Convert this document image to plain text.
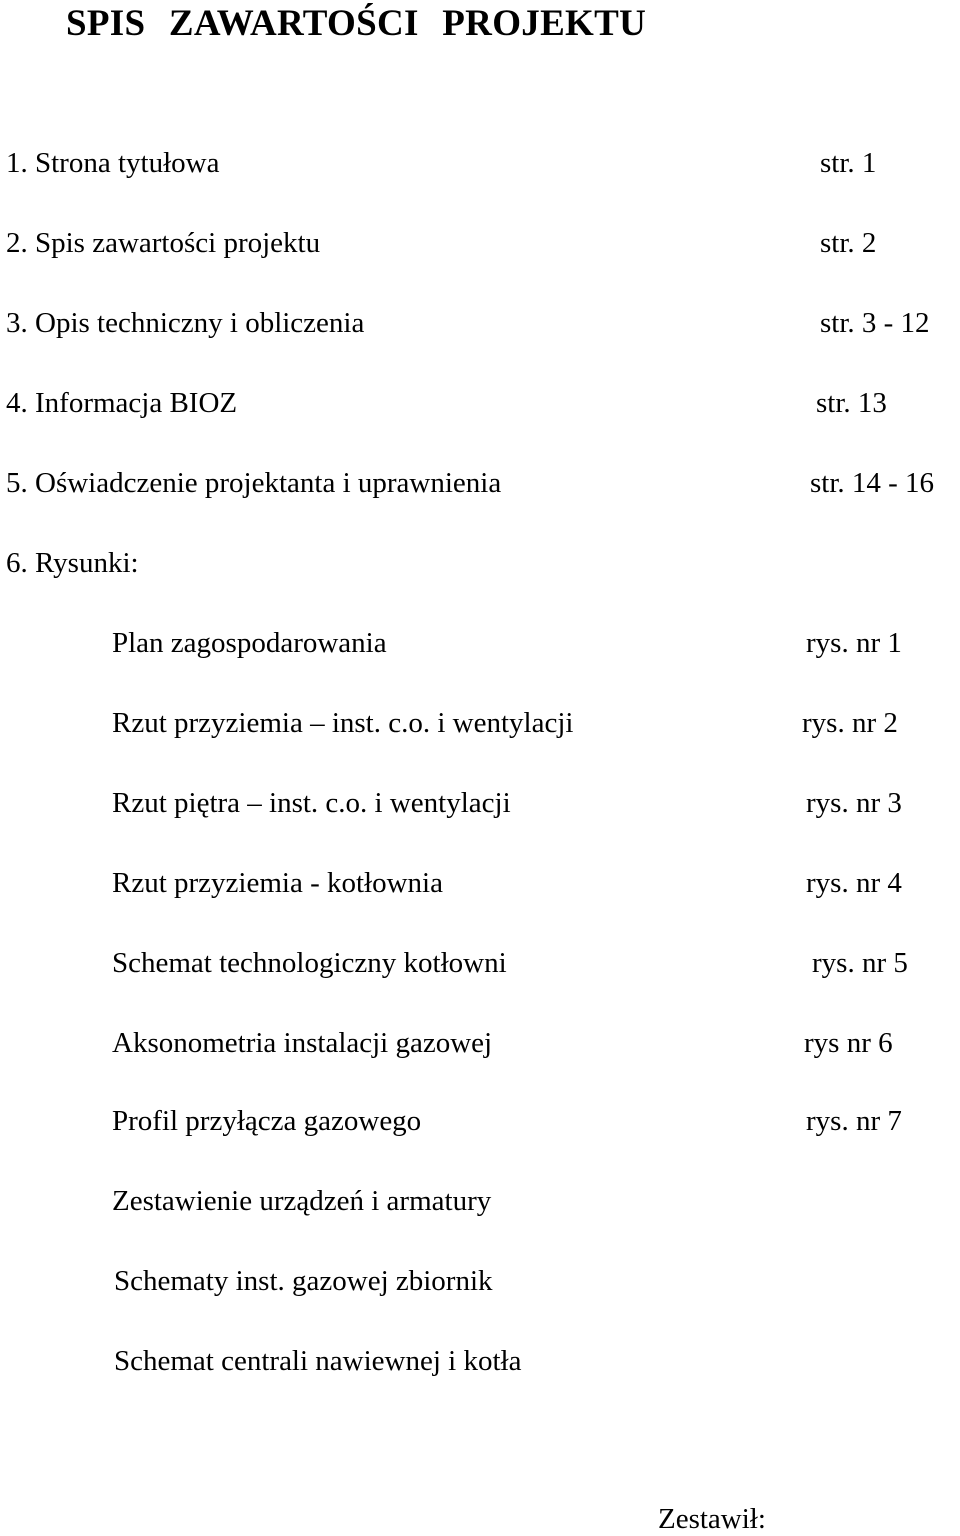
SPIS ZAWARTOŚCI PROJEKTU
1. Strona tytułowa	str. 1
2. Spis zawartości projektu	str. 2
3. Opis techniczny i obliczenia	str. 3 - 12
4. Informacja BIOZ	str. 13
5. Oświadczenie projektanta i uprawnienia	str. 14 - 16
6. Rysunki:
Plan zagospodarowania	rys. nr 1
Rzut przyziemia – inst. c.o. i wentylacji	rys. nr 2
Rzut piętra – inst. c.o. i wentylacji	rys. nr 3
Rzut przyziemia - kotłownia	rys. nr 4
Schemat technologiczny kotłowni	rys. nr 5
Aksonometria instalacji gazowej	rys nr 6
Profil przyłącza gazowego	rys. nr 7
Zestawienie urządzeń i armatury
Schematy inst. gazowej zbiornik
Schemat centrali nawiewnej i kotła
Zestawił:
